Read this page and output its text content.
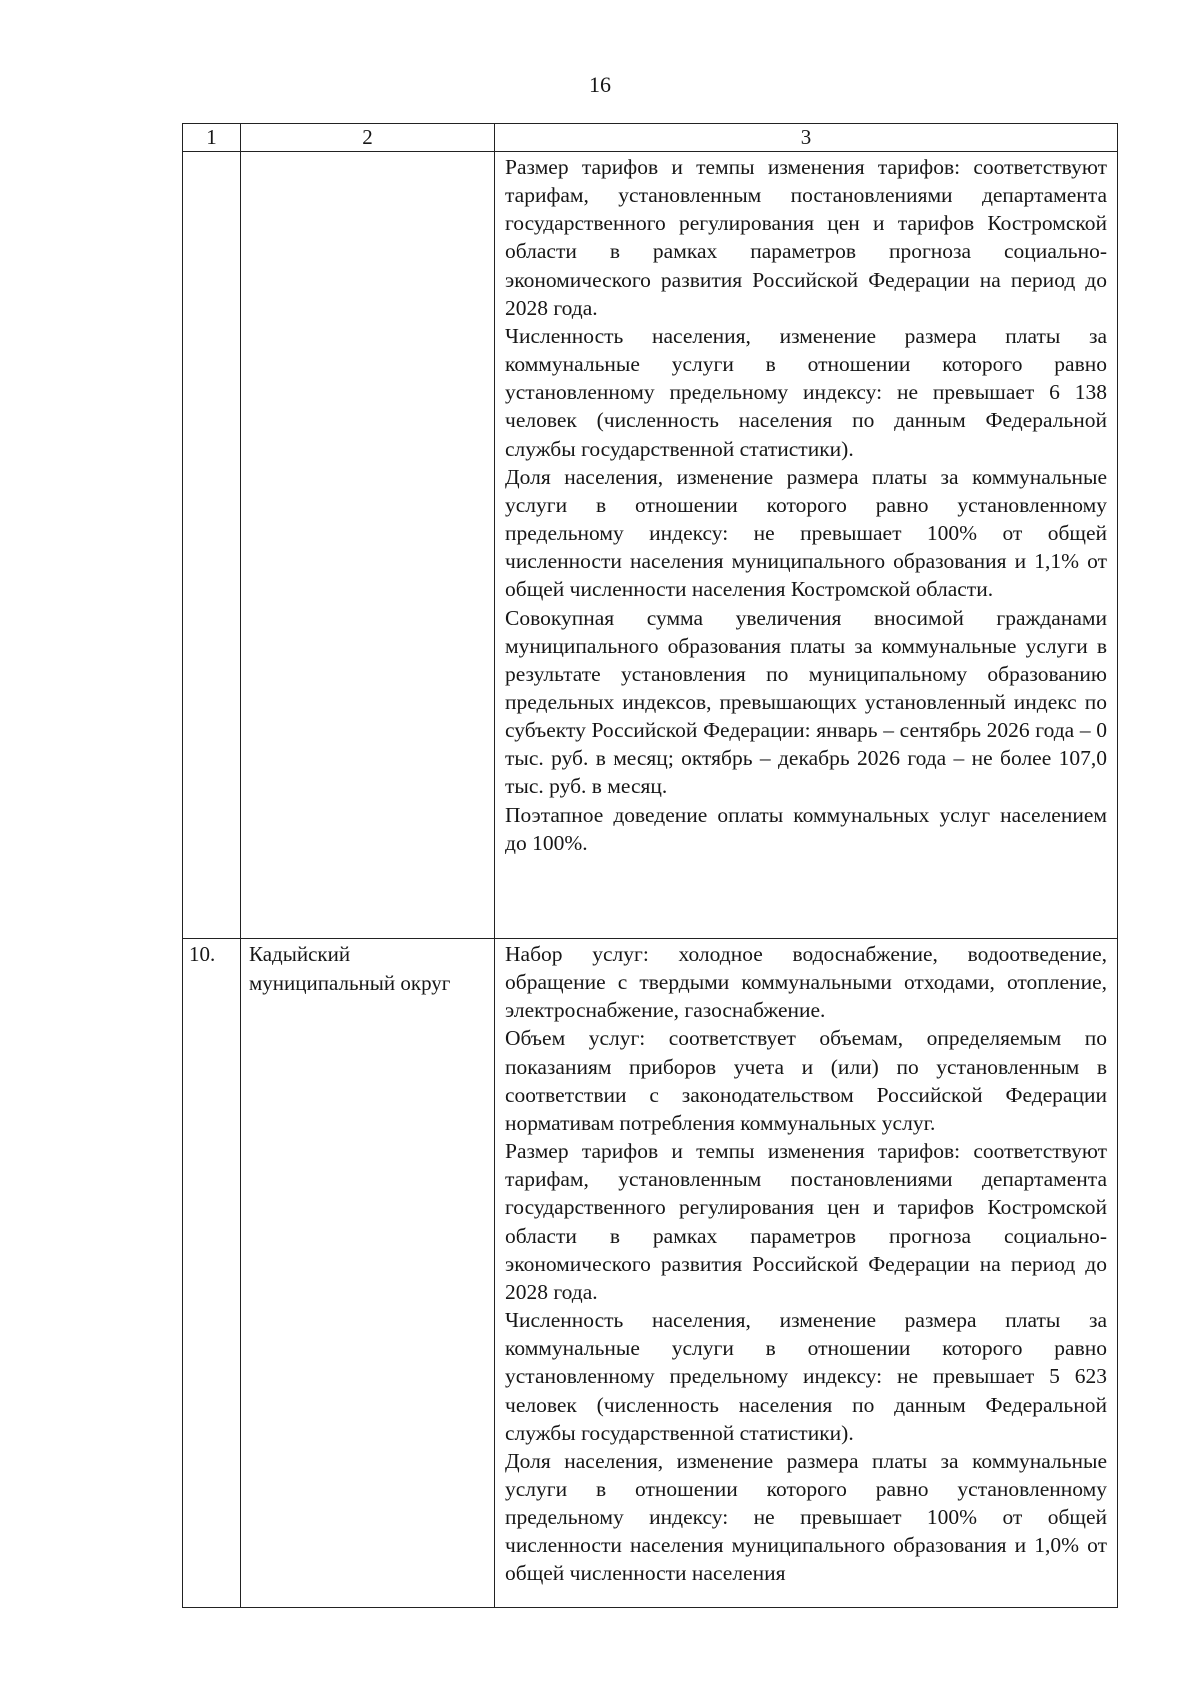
16
1	2	3

		Размер тарифов и темпы изменения тарифов: соответствуют тарифам, установленным постановлениями департамента государственного регулирования цен и тарифов Костромской области в рамках параметров прогноза социально-экономического развития Российской Федерации на период до 2028 года.
Численность населения, изменение размера платы за коммунальные услуги в отношении которого равно установленному предельному индексу: не превышает 6 138 человек (численность населения по данным Федеральной службы государственной статистики).
Доля населения, изменение размера платы за коммунальные услуги в отношении которого равно установленному предельному индексу: не превышает 100% от общей численности населения муниципального образования и 1,1% от общей численности населения Костромской области.
Совокупная сумма увеличения вносимой гражданами муниципального образования платы за коммунальные услуги в результате установления по муниципальному образованию предельных индексов, превышающих установленный индекс по субъекту Российской Федерации: январь – сентябрь 2026 года – 0 тыс. руб. в месяц; октябрь – декабрь 2026 года – не более 107,0 тыс. руб. в месяц.
Поэтапное доведение оплаты коммунальных услуг населением до 100%.

10.	Кадыйский муниципальный округ	Набор услуг: холодное водоснабжение, водоотведение, обращение с твердыми коммунальными отходами, отопление, электроснабжение, газоснабжение.
Объем услуг: соответствует объемам, определяемым по показаниям приборов учета и (или) по установленным в соответствии с законодательством Российской Федерации нормативам потребления коммунальных услуг.
Размер тарифов и темпы изменения тарифов: соответствуют тарифам, установленным постановлениями департамента государственного регулирования цен и тарифов Костромской области в рамках параметров прогноза социально-экономического развития Российской Федерации на период до 2028 года.
Численность населения, изменение размера платы за коммунальные услуги в отношении которого равно установленному предельному индексу: не превышает 5 623 человек (численность населения по данным Федеральной службы государственной статистики).
Доля населения, изменение размера платы за коммунальные услуги в отношении которого равно установленному предельному индексу: не превышает 100% от общей численности населения муниципального образования и 1,0% от общей численности населения
